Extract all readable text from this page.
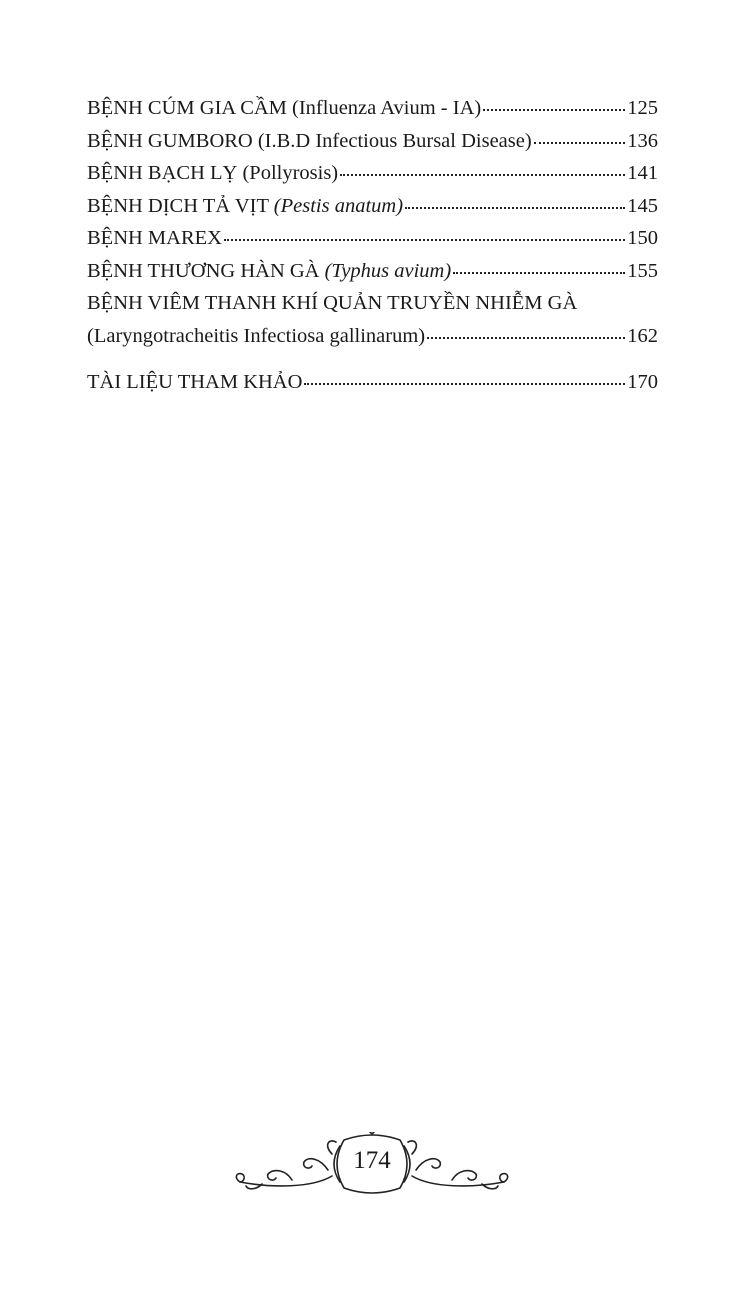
BỆNH CÚM GIA CẦM (Influenza Avium - IA)	125
BỆNH GUMBORO (I.B.D Infectious Bursal Disease)	136
BỆNH BẠCH LỴ (Pollyrosis)	141
BỆNH DỊCH TẢ VỊT (Pestis anatum)	145
BỆNH MAREX	150
BỆNH THƯƠNG HÀN GÀ (Typhus avium)	155
BỆNH VIÊM THANH KHÍ QUẢN TRUYỀN NHIỄM GÀ
(Laryngotracheitis Infectiosa gallinarum)	162
TÀI LIỆU THAM KHẢO	170
174
